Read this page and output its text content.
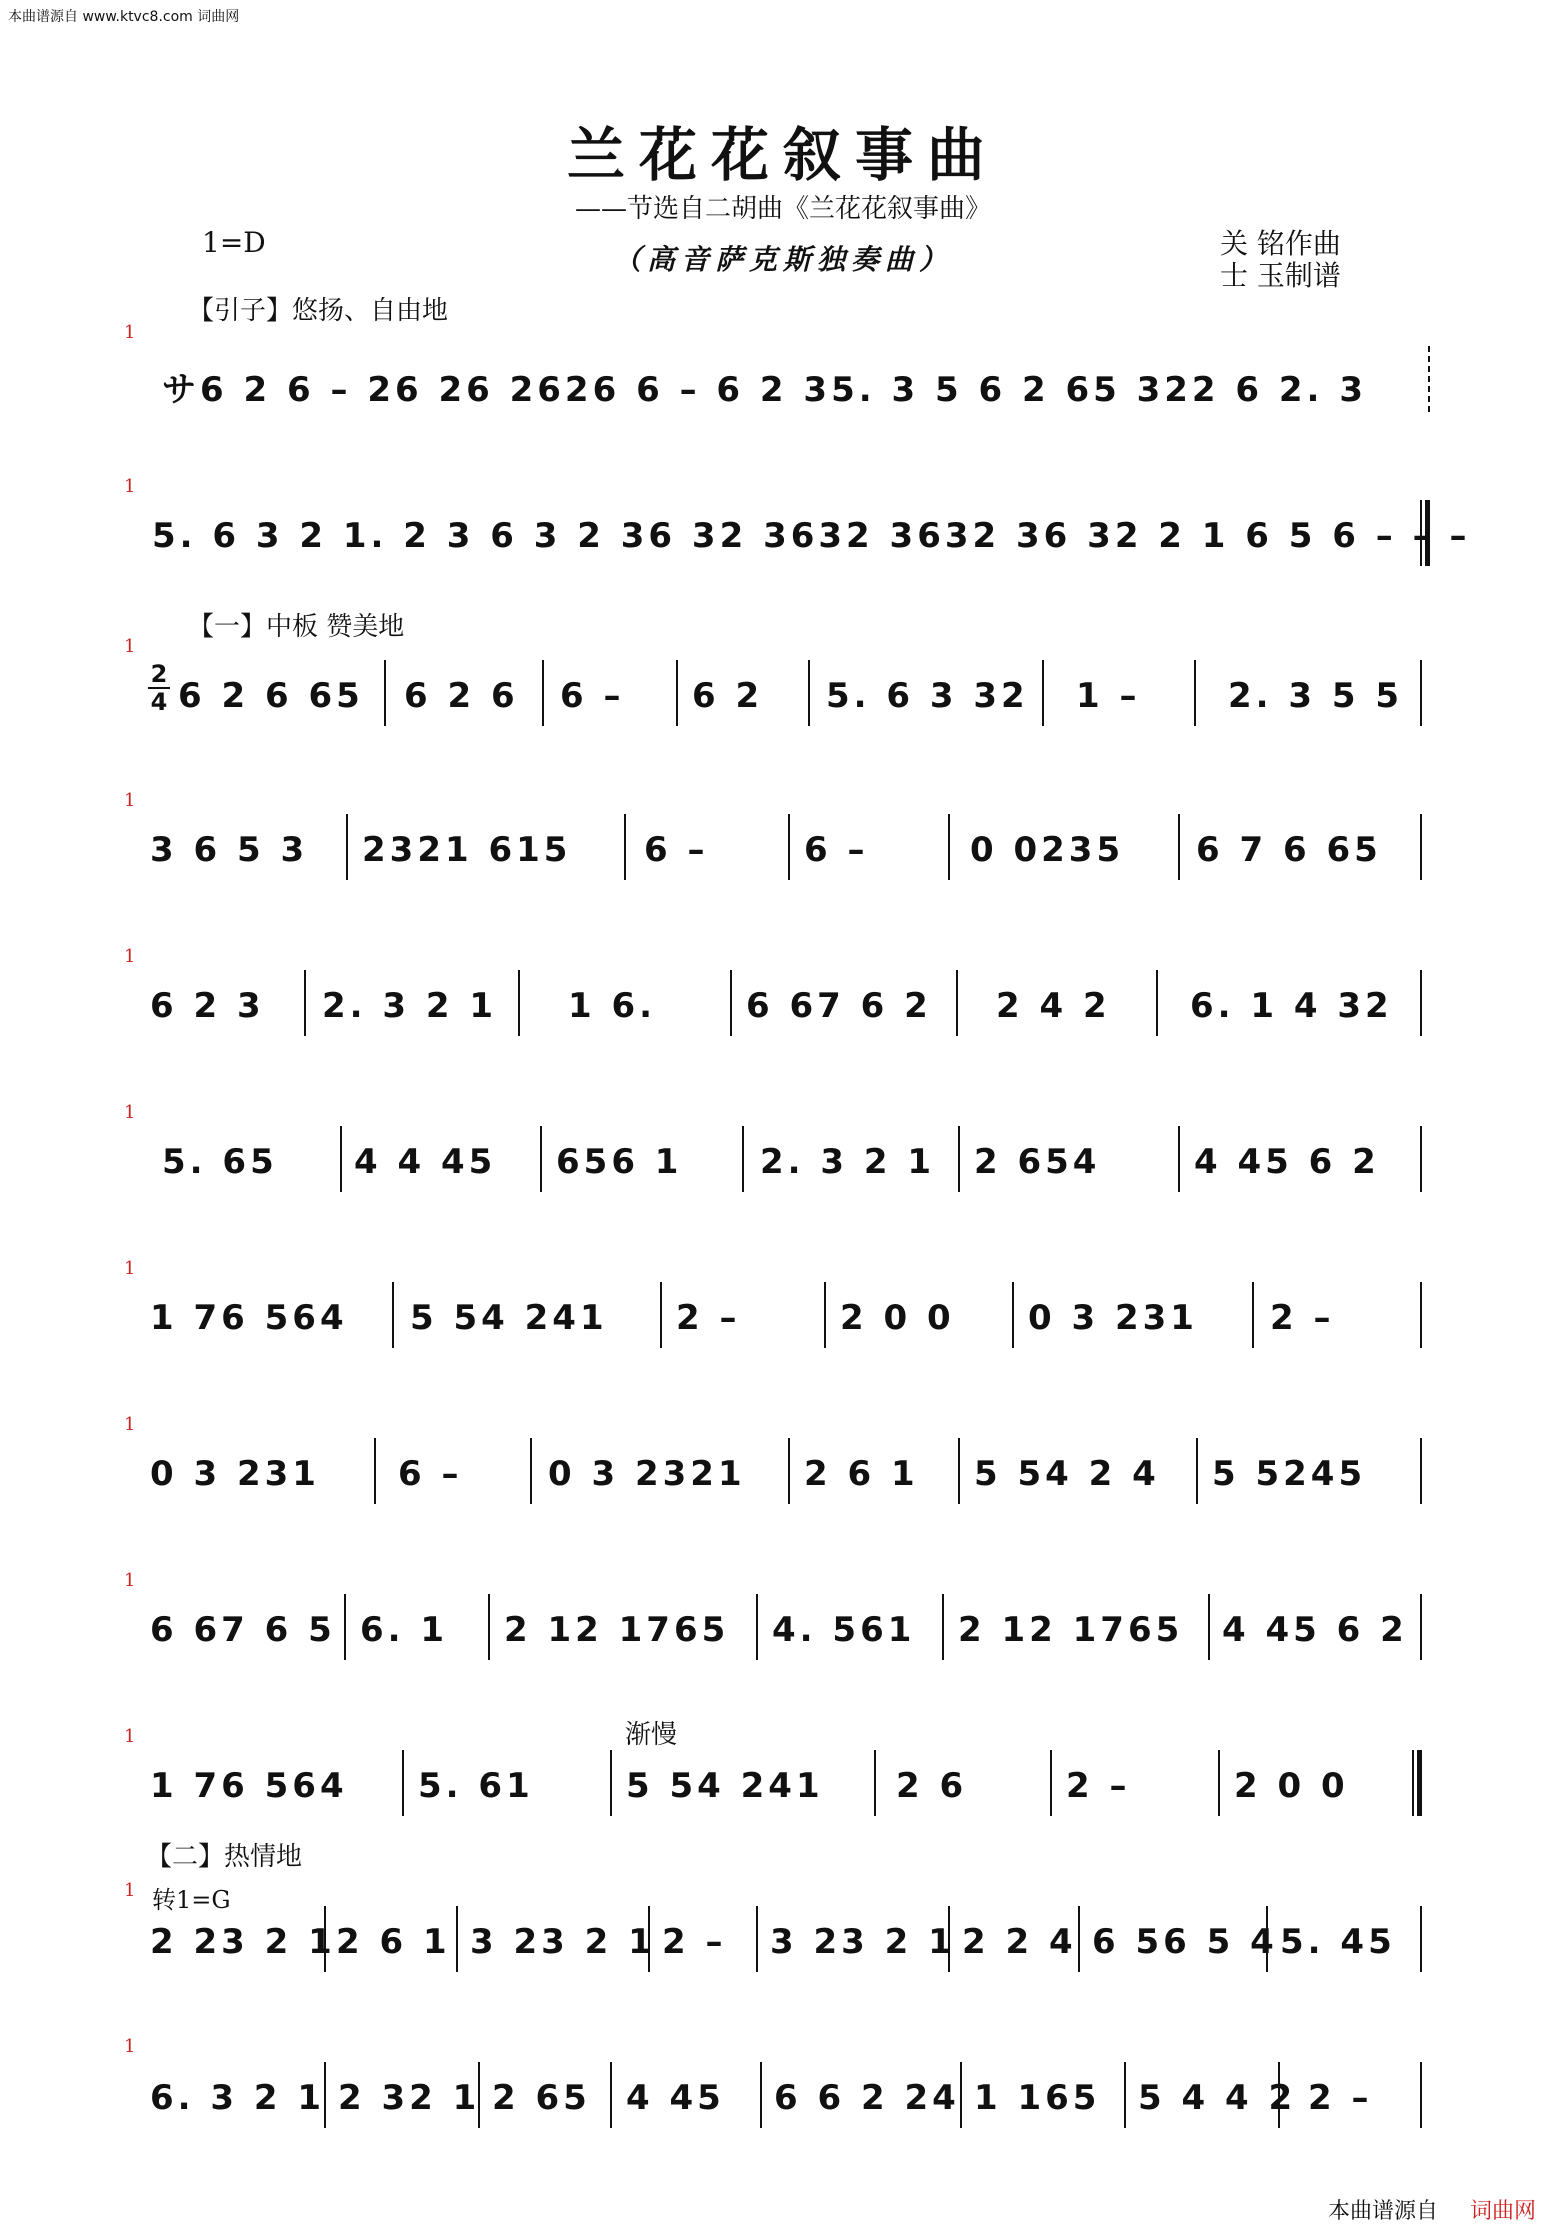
本曲谱源自 www.ktvc8.com 词曲网
兰花花叙事曲
——节选自二胡曲《兰花花叙事曲》
（高音萨克斯独奏曲）
1=D	关 铭作曲
士 玉制谱
【引子】悠扬、自由地
【一】中板 赞美地
渐慢
【二】热情地
转1=G
1
1
1
1
1
1
1
1
1
1
1
1
サ6 2 6 – 26 26 2626 6 – 6 2 35. 3 5 6 2 65 322 6 2. 3
5. 6 3 2 1. 2 3 6 3 2 36 32 3632 3632 36 32 2 1 6 5 6 – – –
2
4 6 2 6 65 6 2 6 6 – 6 2 5. 6 3 32 1 –	2. 3 5 5
3 6 5 3 2321 615 6 –	6 –	0 0235 6 7 6 65
6 2 3 2. 3 2 1 1 6.	6 67 6 2 2 4 2 6. 1 4 32
5. 65 4 4 45 656 1 2. 3 2 1 2 654	4 45 6 2
1 76 564 5 54 241 2 –	2 0 0 0 3 231 2 –
0 3 231 6 –	0 3 2321 2 6 1 5 54 2 4 5 5245
6 67 6 5 6. 1 2 12 1765 4. 561 2 12 1765 4 45 6 2
1 76 564 5. 61	5 54 241 2 6	2 –	2 0 0
2 23 2 1 2 6 1 3 23 2 1 2 – 3 23 2 1 2 2 4 6 56 5 4 5. 45
6. 3 2 1 2 32 1 2 65 4 45 6 6 2 24 1 165 5 4 4 2 2 –
本曲谱源自 词曲网
